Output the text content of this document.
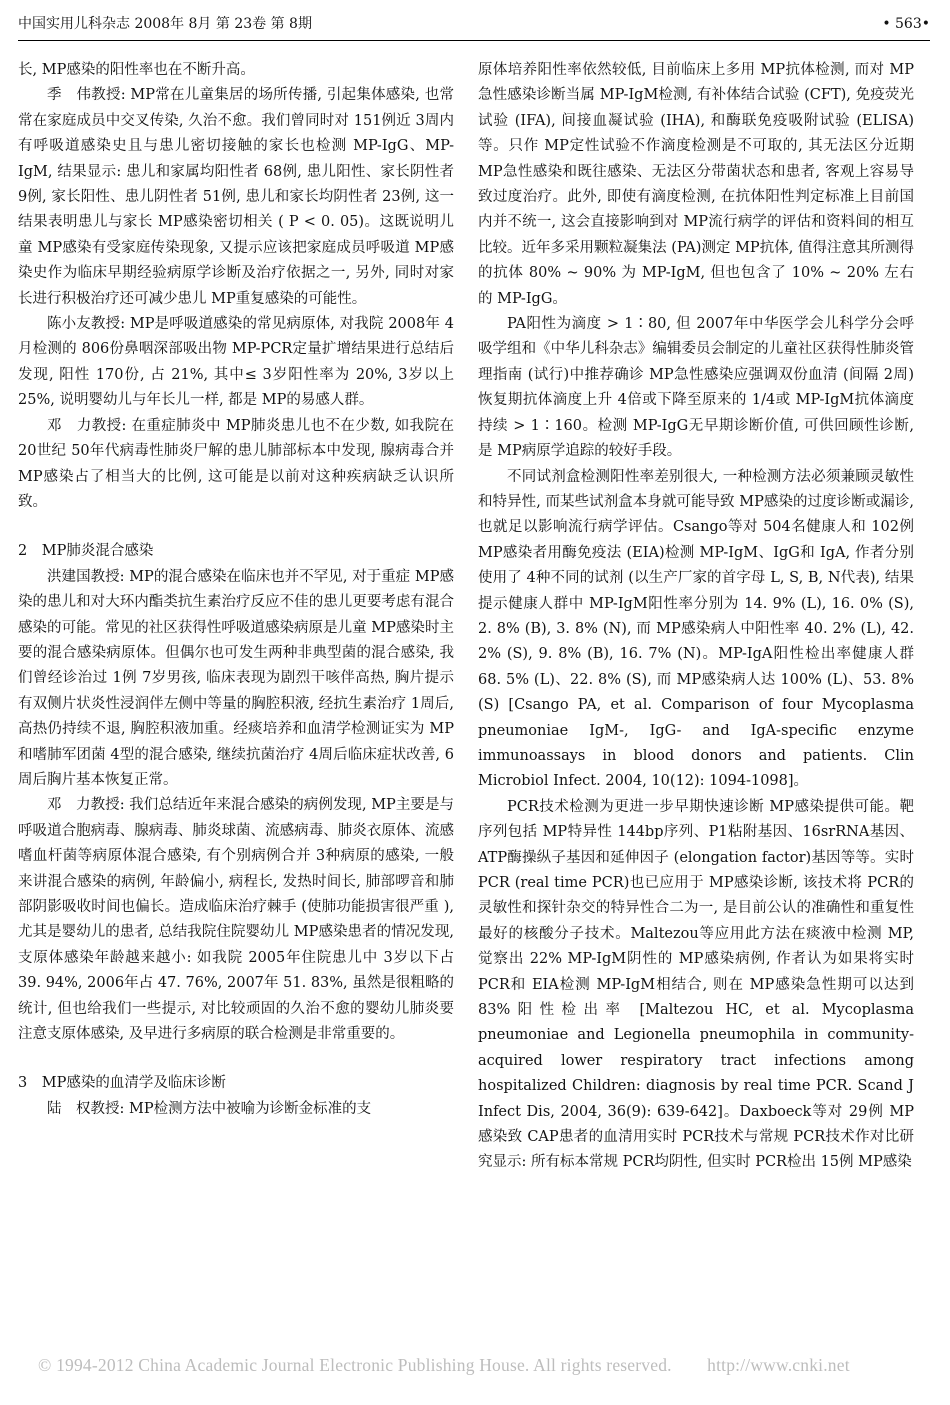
中国实用儿科杂志 2008年 8月 第 23卷 第 8期	• 563•

长, MP感染的阳性率也在不断升高。

季　伟教授: MP常在儿童集居的场所传播, 引起集体感染, 也常常在家庭成员中交叉传染, 久治不愈。我们曾同时对 151例近 3周内有呼吸道感染史且与患儿密切接触的家长也检测 MP-IgG、MP-IgM, 结果显示: 患儿和家属均阳性者 68例, 患儿阳性、家长阴性者 9例, 家长阳性、患儿阴性者 51例, 患儿和家长均阴性者 23例, 这一结果表明患儿与家长 MP感染密切相关 ( P < 0. 05)。这既说明儿童 MP感染有受家庭传染现象, 又提示应该把家庭成员呼吸道 MP感染史作为临床早期经验病原学诊断及治疗依据之一, 另外, 同时对家长进行积极治疗还可减少患儿 MP重复感染的可能性。

陈小友教授: MP是呼吸道感染的常见病原体, 对我院 2008年 4月检测的 806份鼻咽深部吸出物 MP-PCR定量扩增结果进行总结后发现, 阳性 170份, 占 21%, 其中≤ 3岁阳性率为 20%, 3岁以上 25%, 说明婴幼儿与年长儿一样, 都是 MP的易感人群。

邓　力教授: 在重症肺炎中 MP肺炎患儿也不在少数, 如我院在 20世纪 50年代病毒性肺炎尸解的患儿肺部标本中发现, 腺病毒合并 MP感染占了相当大的比例, 这可能是以前对这种疾病缺乏认识所致。

2　MP肺炎混合感染

洪建国教授: MP的混合感染在临床也并不罕见, 对于重症 MP感染的患儿和对大环内酯类抗生素治疗反应不佳的患儿更要考虑有混合感染的可能。常见的社区获得性呼吸道感染病原是儿童 MP感染时主要的混合感染病原体。但偶尔也可发生两种非典型菌的混合感染, 我们曾经诊治过 1例 7岁男孩, 临床表现为剧烈干咳伴高热, 胸片提示有双侧片状炎性浸润伴左侧中等量的胸腔积液, 经抗生素治疗 1周后, 高热仍持续不退, 胸腔积液加重。经痰培养和血清学检测证实为 MP和嗜肺军团菌 4型的混合感染, 继续抗菌治疗 4周后临床症状改善, 6周后胸片基本恢复正常。

邓　力教授: 我们总结近年来混合感染的病例发现, MP主要是与呼吸道合胞病毒、腺病毒、肺炎球菌、流感病毒、肺炎衣原体、流感嗜血杆菌等病原体混合感染, 有个别病例合并 3种病原的感染, 一般来讲混合感染的病例, 年龄偏小, 病程长, 发热时间长, 肺部啰音和肺部阴影吸收时间也偏长。造成临床治疗棘手 (使肺功能损害很严重 ), 尤其是婴幼儿的患者, 总结我院住院婴幼儿 MP感染患者的情况发现, 支原体感染年龄越来越小: 如我院 2005年住院患儿中 3岁以下占 39. 94%, 2006年占 47. 76%, 2007年 51. 83%, 虽然是很粗略的统计, 但也给我们一些提示, 对比较顽固的久治不愈的婴幼儿肺炎要注意支原体感染, 及早进行多病原的联合检测是非常重要的。

3　MP感染的血清学及临床诊断

陆　权教授: MP检测方法中被喻为诊断金标准的支

原体培养阳性率依然较低, 目前临床上多用 MP抗体检测, 而对 MP急性感染诊断当属 MP-IgM检测, 有补体结合试验 (CFT), 免疫荧光试验 (IFA), 间接血凝试验 (IHA), 和酶联免疫吸附试验 (ELISA)等。只作 MP定性试验不作滴度检测是不可取的, 其无法区分近期 MP急性感染和既往感染、无法区分带菌状态和患者, 客观上容易导致过度治疗。此外, 即使有滴度检测, 在抗体阳性判定标准上目前国内并不统一, 这会直接影响到对 MP流行病学的评估和资料间的相互比较。近年多采用颗粒凝集法 (PA)测定 MP抗体, 值得注意其所测得的抗体 80% ~ 90% 为 MP-IgM, 但也包含了 10% ~ 20% 左右的 MP-IgG。

PA阳性为滴度 > 1∶80, 但 2007年中华医学会儿科学分会呼吸学组和《中华儿科杂志》编辑委员会制定的儿童社区获得性肺炎管理指南 (试行)中推荐确诊 MP急性感染应强调双份血清 (间隔 2周)恢复期抗体滴度上升 4倍或下降至原来的 1/4或 MP-IgM抗体滴度持续 > 1∶160。检测 MP-IgG无早期诊断价值, 可供回顾性诊断, 是 MP病原学追踪的较好手段。

不同试剂盒检测阳性率差别很大, 一种检测方法必须兼顾灵敏性和特异性, 而某些试剂盒本身就可能导致 MP感染的过度诊断或漏诊, 也就足以影响流行病学评估。Csango等对 504名健康人和 102例 MP感染者用酶免疫法 (EIA)检测 MP-IgM、IgG和 IgA, 作者分别使用了 4种不同的试剂 (以生产厂家的首字母 L, S, B, N代表), 结果提示健康人群中 MP-IgM阳性率分别为 14. 9% (L), 16. 0% (S), 2. 8% (B), 3. 8% (N), 而 MP感染病人中阳性率 40. 2% (L), 42. 2% (S), 9. 8% (B), 16. 7% (N)。MP-IgA阳性检出率健康人群 68. 5% (L)、22. 8% (S), 而 MP感染病人达 100% (L)、53. 8% (S) [Csango PA, et al. Comparison of four Mycoplasma pneumoniae IgM-, IgG- and IgA-specific enzyme immunoassays in blood donors and patients. Clin Microbiol Infect. 2004, 10(12): 1094-1098]。

PCR技术检测为更进一步早期快速诊断 MP感染提供可能。靶序列包括 MP特异性 144bp序列、P1粘附基因、16srRNA基因、ATP酶操纵子基因和延伸因子 (elongation factor)基因等等。实时 PCR (real time PCR)也已应用于 MP感染诊断, 该技术将 PCR的灵敏性和探针杂交的特异性合二为一, 是目前公认的准确性和重复性最好的核酸分子技术。Maltezou等应用此方法在痰液中检测 MP, 觉察出 22% MP-IgM阴性的 MP感染病例, 作者认为如果将实时 PCR和 EIA检测 MP-IgM相结合, 则在 MP感染急性期可以达到 83%阳性检出率 [Maltezou HC, et al. Mycoplasma pneumoniae and Legionella pneumophila in community-acquired lower respiratory tract infections among hospitalized Children: diagnosis by real time PCR. Scand J Infect Dis, 2004, 36(9): 639-642]。Daxboeck等对 29例 MP感染致 CAP患者的血清用实时 PCR技术与常规 PCR技术作对比研究显示: 所有标本常规 PCR均阴性, 但实时 PCR检出 15例 MP感染

© 1994-2012 China Academic Journal Electronic Publishing House. All rights reserved.　　http://www.cnki.net
